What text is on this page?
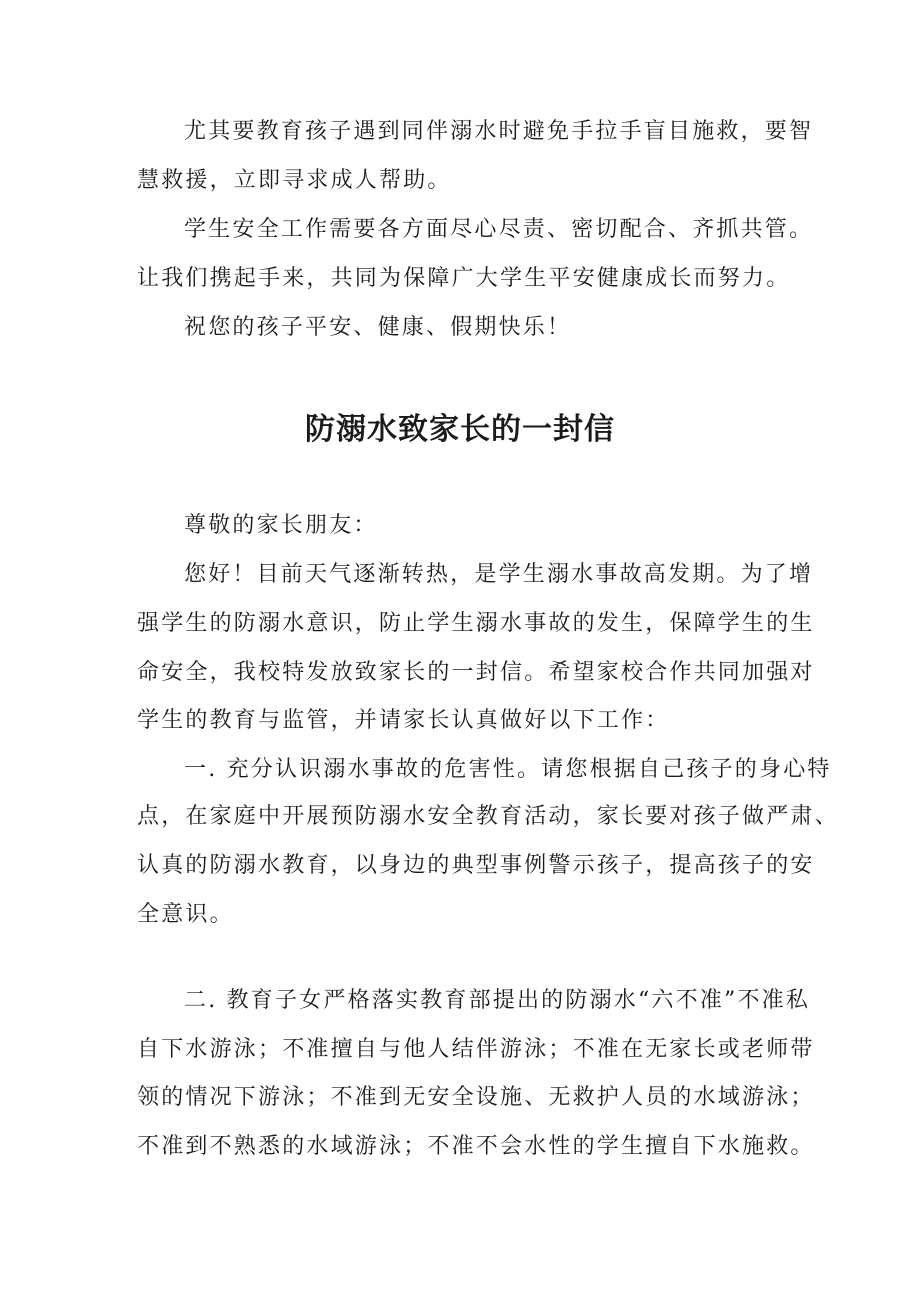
尤其要教育孩子遇到同伴溺水时避免手拉手盲目施救，要智
慧救援，立即寻求成人帮助。
学生安全工作需要各方面尽心尽责、密切配合、齐抓共管。
让我们携起手来，共同为保障广大学生平安健康成长而努力。
祝您的孩子平安、健康、假期快乐！
防溺水致家长的一封信
尊敬的家长朋友：
您好！目前天气逐渐转热，是学生溺水事故高发期。为了增
强学生的防溺水意识，防止学生溺水事故的发生，保障学生的生
命安全，我校特发放致家长的一封信。希望家校合作共同加强对
学生的教育与监管，并请家长认真做好以下工作：
一. 充分认识溺水事故的危害性。请您根据自己孩子的身心特
点，在家庭中开展预防溺水安全教育活动，家长要对孩子做严肃、
认真的防溺水教育，以身边的典型事例警示孩子，提高孩子的安
全意识。
二. 教育子女严格落实教育部提出的防溺水“六不准”不准私
自下水游泳；不准擅自与他人结伴游泳；不准在无家长或老师带
领的情况下游泳；不准到无安全设施、无救护人员的水域游泳；
不准到不熟悉的水域游泳；不准不会水性的学生擅自下水施救。
